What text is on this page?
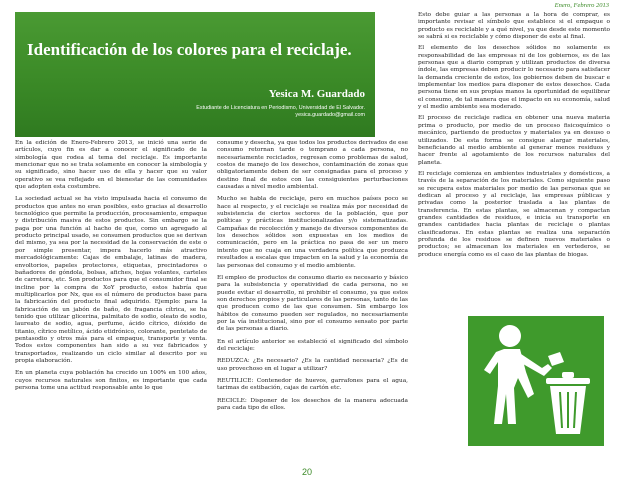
Enero, Febrero 2013
Identificación de los colores para el reciclaje.
Yesica M. Guardado
Estudiante de Licenciatura en Periodismo, Universidad de El Salvador.
yesica.guardado@gmail.com

En la edición de Enero-Febrero 2013, se inició una serie de artículos, cuyo fin es dar a conocer el significado de la simbología que rodea al tema del reciclaje. Es importante mencionar que no se trata solamente en conocer la simbología y su significado, sino hacer uso de ella y hacer que su valor operativo se vea reflejado en el bienestar de las comunidades que adopten esta costumbre.

La sociedad actual se ha visto impulsada hacia el consumo de productos que antes no eran posibles, esto gracias al desarrollo tecnológico que permite la producción, procesamiento, empaque y distribución masiva de estos productos. Sin embargo se la paga por una función al hacho de que, como un agregado al producto principal usado, se consumen productos que se derivan del mismo, ya sea por la necesidad de la conservación de este o por simple presentar, impera hacerlo más atractivo mercadológicamente: Cajas de embalaje, latinas de madera, envoltorios, papeles protectores, etiquetas, precintadores o bañadores de góndola, bolsas, afiches, hojas volantes, carteles de carretera, etc. Son productos para que el consumidor final se incline por la compra de XoY producto, estos habría que multiplicarlos por Nx, que es el número de productos base para la fabricación del producto final adquirido. Ejemplo: para la fabricación de un jabón de baño, de fragancia cítrica, se ha tenido que utilizar glicerina, palmitato de sodio, oleato de sodio, laureato de sodio, agua, perfume, ácido cítrico, dióxido de titanio, cítrico metílico, ácido etidrónico, colorante, pentetato de pentasodio y otros más para el empaque, transporte y venta. Todos estos componentes han sido a su vez fabricados y transportados, realizando un ciclo similar al descrito por su propia elaboración.

En un planeta cuya población ha crecido un 100% en 100 años, cuyos recursos naturales son finitos, es importante que cada persona tome una actitud responsable ante lo que

consume y desecha, ya que todos los productos derivados de ese consumo retornan tarde o temprano a cada persona, no necesariamente reciclados, regresan como problemas de salud, costos de manejo de los desechos, contaminación de zonas que obligatoriamente deben de ser consignadas para el proceso y destino final de estos con las consiguientes perturbaciones causadas a nivel medio ambiental.

Mucho se habla de reciclaje, pero en muchos países poco se hace al respecto, y el reciclaje se realiza más por necesidad de subsistencia de ciertos sectores de la población, que por políticas y prácticas institucionalizadas y/o sistematizadas. Campañas de recolección y manejo de diversos componentes de los desechos sólidos son expuestas en los medios de comunicación, pero en la práctica no pasa de ser un mero intento que no cuaja en una verdadera política que produzca resultados a escalas que impacten en la salud y la economía de las personas del consumo y el medio ambiente.

El empleo de productos de consumo diario es necesario y básico para la subsistencia y operatividad de cada persona, no se puede evitar el desarrollo, ni prohibir el consumo, ya que estos son derechos propios y particulares de las personas, tanto de las que producen como de las que consumen. Sin embargo los hábitos de consumo pueden ser regulados, no necesariamente por la vía institucional, sino por el consumo sensato por parte de las personas a diario.

En el artículo anterior se estableció el significado del símbolo del reciclaje:

REDUZCA: ¿Es necesario? ¿Es la cantidad necesaria? ¿Es de uso provechoso en el lugar a utilizar?

REUTILICE: Contenedor de huevos, garrafones para el agua, tarimas de estibación, cajas de cartón etc.

RECICLE: Disponer de los desechos de la manera adecuada para cada tipo de ellos.

Esto debe guiar a las personas a la hora de comprar, es importante revisar el símbolo que establece si el empaque o producto es reciclable y a qué nivel, ya que desde este momento se sabrá si es reciclable y cómo disponer de este al final.

El elemento de los desechos sólidos no solamente es responsabilidad de las empresas ni de los gobiernos, es de las personas que a diario compran y utilizan productos de diversa índole, las empresas deben producir lo necesario para satisfacer la demanda creciente de estos, los gobiernos deben de buscar e implementar los medios para disponer de estos desechos. Cada persona tiene en sus propias manos la oportunidad de equilibrar el consumo, de tal manera que el impacto en su economía, salud y el medio ambiente sea moderado.

El proceso de reciclaje radica en obtener una nueva materia prima o producto, por medio de un proceso fisicoquímico o mecánico, partiendo de productos y materiales ya en desuso o utilizados. De esta forma se consigue alargar materiales, beneficiando al medio ambiente al generar menos residuos y hacer frente al agotamiento de los recursos naturales del planeta.

El reciclaje comienza en ambientes industriales y domésticos, a través de la separación de los materiales. Como siguiente paso se recupera estos materiales por medio de las personas que se dedican al proceso y al reciclaje, las empresas públicas y privadas como la posterior traslada a las plantas de transferencia. En estas plantas, se almacenan y compactan grandes cantidades de residuos, e inicia su transporte en grandes cantidades hacia plantas de reciclaje o plantas clasificadoras. En estas plantas se realiza una separación profunda de los residuos se definen nuevos materiales o productos; se almacenan los materiales en vertederos, se produce energía como es el caso de las plantas de biogas.

20
